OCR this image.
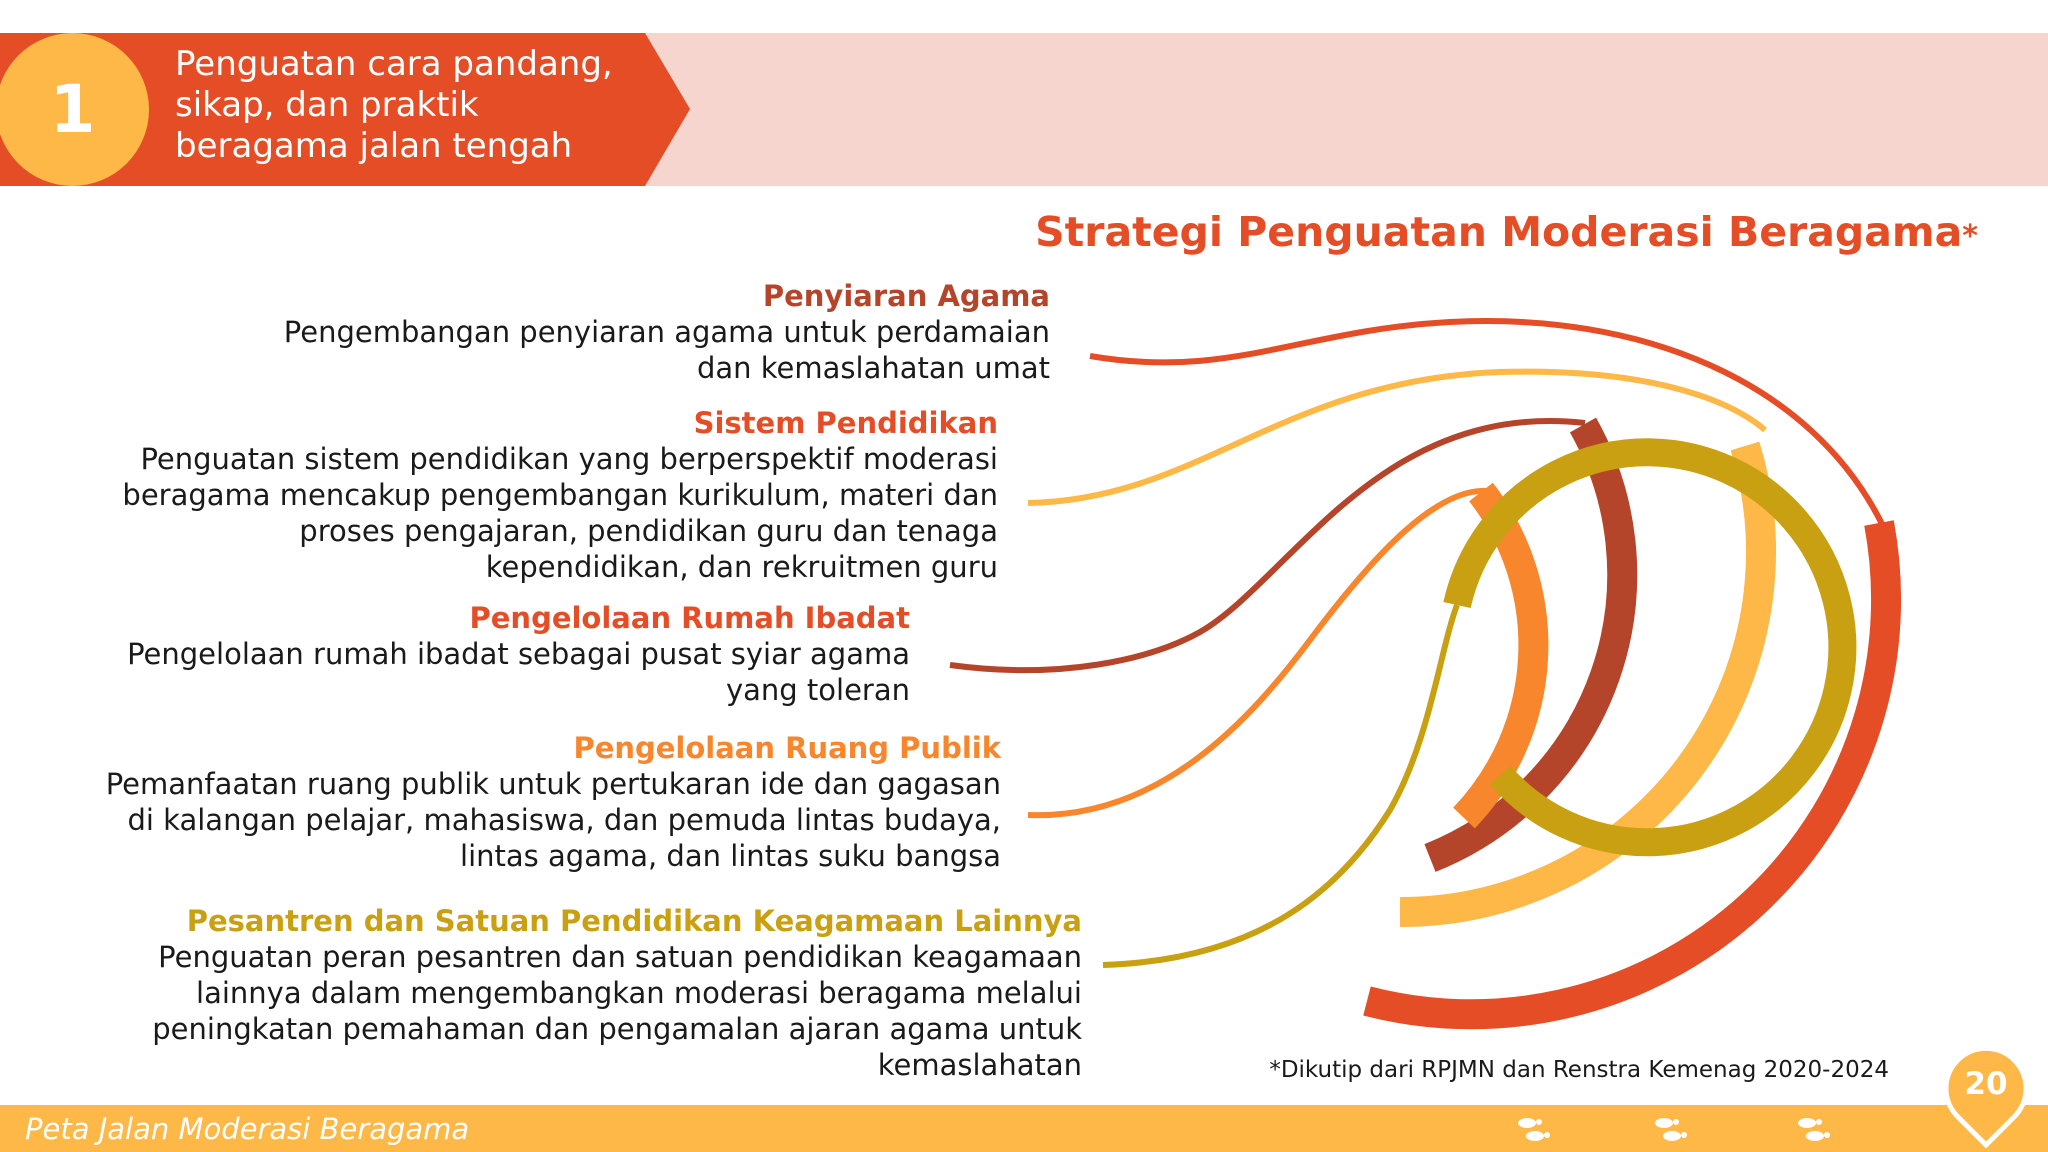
1
Penguatan cara pandang, sikap, dan praktik beragama jalan tengah
Strategi Penguatan Moderasi Beragama*
Penyiaran Agama
Pengembangan penyiaran agama untuk perdamaian dan kemaslahatan umat
Sistem Pendidikan
Penguatan sistem pendidikan yang berperspektif moderasi beragama mencakup pengembangan kurikulum, materi dan proses pengajaran, pendidikan guru dan tenaga kependidikan, dan rekruitmen guru
Pengelolaan Rumah Ibadat
Pengelolaan rumah ibadat sebagai pusat syiar agama yang toleran
Pengelolaan Ruang Publik
Pemanfaatan ruang publik untuk pertukaran ide dan gagasan di kalangan pelajar, mahasiswa, dan pemuda lintas budaya, lintas agama, dan lintas suku bangsa
Pesantren dan Satuan Pendidikan Keagamaan Lainnya
Penguatan peran pesantren dan satuan pendidikan keagamaan lainnya dalam mengembangkan moderasi beragama melalui peningkatan pemahaman dan pengamalan ajaran agama untuk kemaslahatan	*Dikutip dari RPJMN dan Renstra Kemenag 2020-2024
Peta Jalan Moderasi Beragama
20
